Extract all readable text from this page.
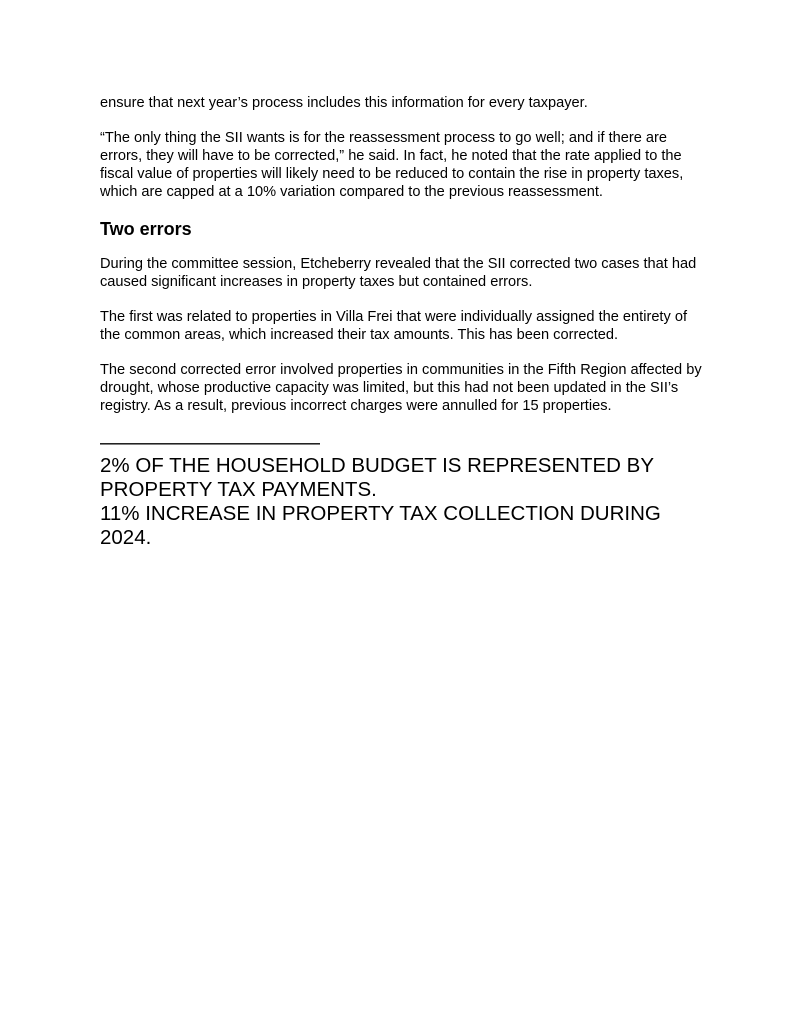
ensure that next year’s process includes this information for every taxpayer.

“The only thing the SII wants is for the reassessment process to go well; and if there are errors, they will have to be corrected,” he said. In fact, he noted that the rate applied to the fiscal value of properties will likely need to be reduced to contain the rise in property taxes, which are capped at a 10% variation compared to the previous reassessment.

Two errors

During the committee session, Etcheberry revealed that the SII corrected two cases that had caused significant increases in property taxes but contained errors.

The first was related to properties in Villa Frei that were individually assigned the entirety of the common areas, which increased their tax amounts. This has been corrected.

The second corrected error involved properties in communities in the Fifth Region affected by drought, whose productive capacity was limited, but this had not been updated in the SII’s registry. As a result, previous incorrect charges were annulled for 15 properties.

———————————

2% OF THE HOUSEHOLD BUDGET IS REPRESENTED BY PROPERTY TAX PAYMENTS.

11% INCREASE IN PROPERTY TAX COLLECTION DURING 2024.
